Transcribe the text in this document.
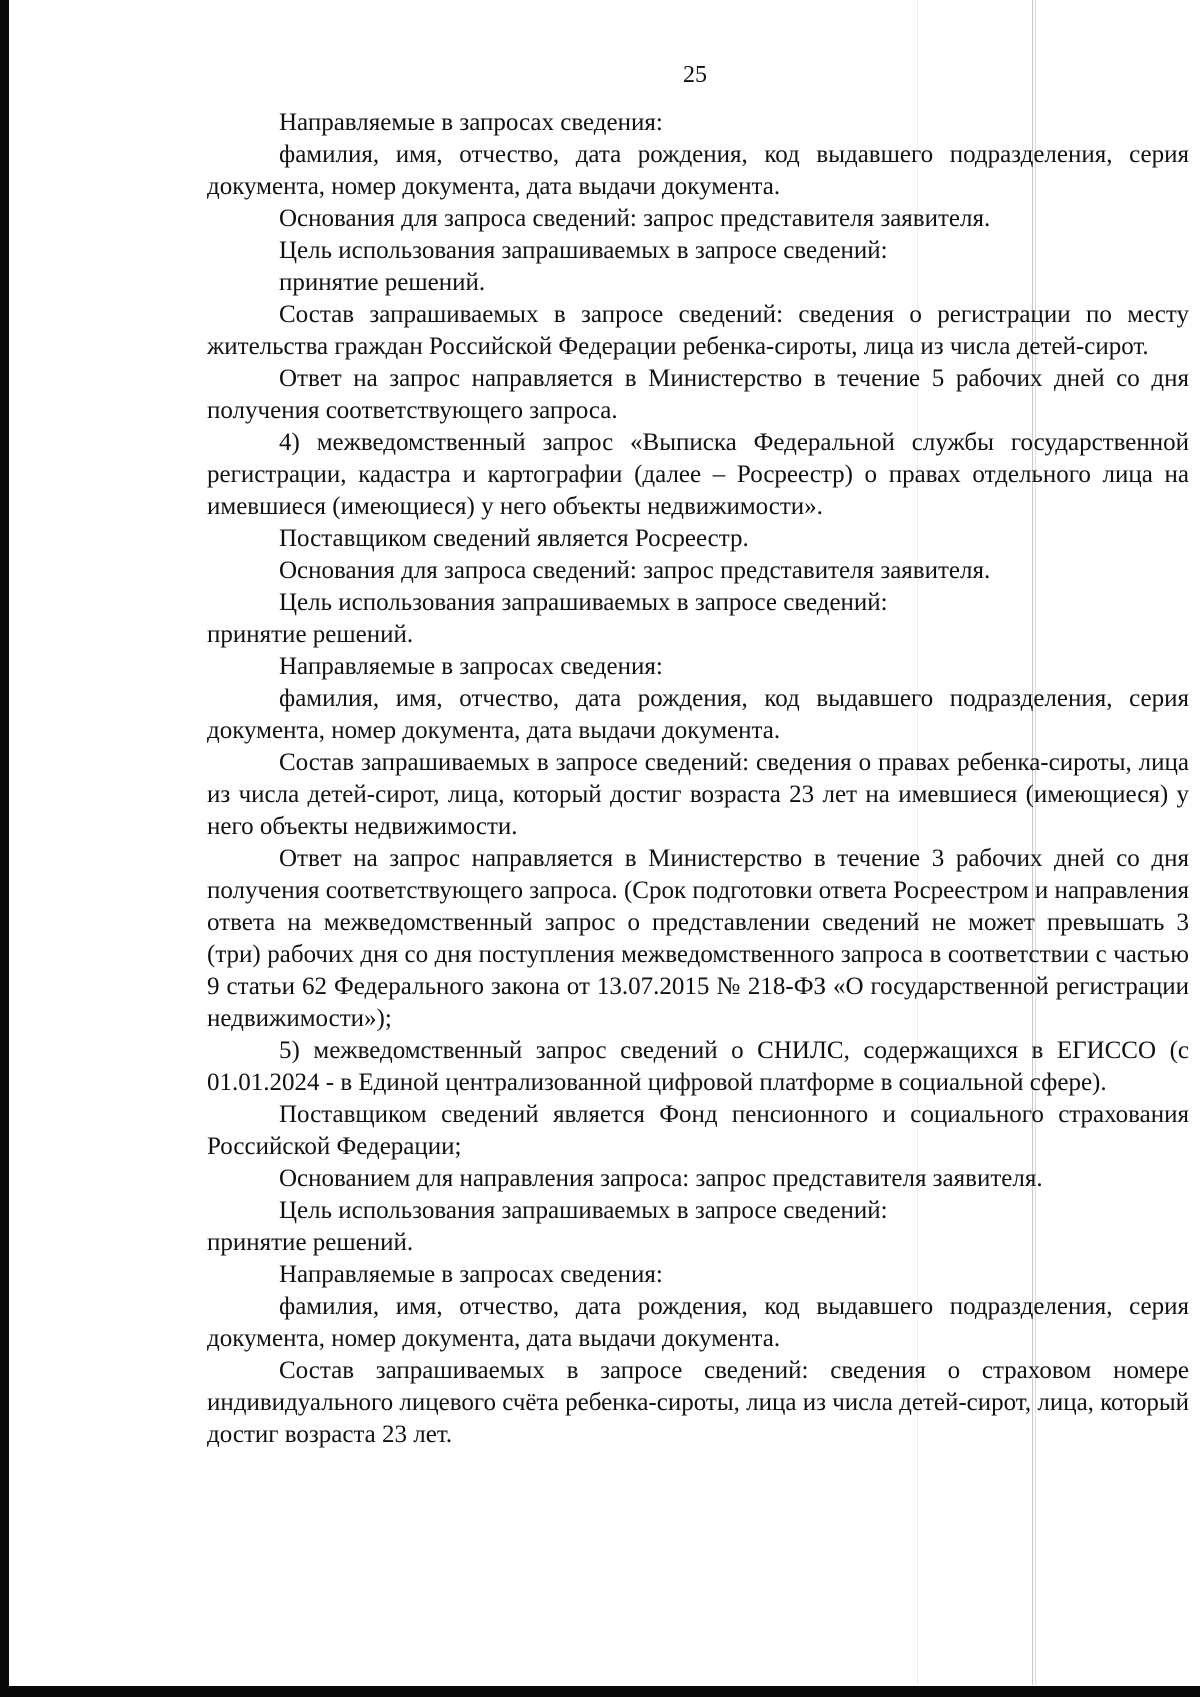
25

Направляемые в запросах сведения:

фамилия, имя, отчество, дата рождения, код выдавшего подразделения, серия документа, номер документа, дата выдачи документа.

Основания для запроса сведений: запрос представителя заявителя.

Цель использования запрашиваемых в запросе сведений:

принятие решений.

Состав запрашиваемых в запросе сведений: сведения о регистрации по месту жительства граждан Российской Федерации ребенка-сироты, лица из числа детей-сирот.

Ответ на запрос направляется в Министерство в течение 5 рабочих дней со дня получения соответствующего запроса.

4) межведомственный запрос «Выписка Федеральной службы государственной регистрации, кадастра и картографии (далее – Росреестр) о правах отдельного лица на имевшиеся (имеющиеся) у него объекты недвижимости».

Поставщиком сведений является Росреестр.

Основания для запроса сведений: запрос представителя заявителя.

Цель использования запрашиваемых в запросе сведений:

принятие решений.

Направляемые в запросах сведения:

фамилия, имя, отчество, дата рождения, код выдавшего подразделения, серия документа, номер документа, дата выдачи документа.

Состав запрашиваемых в запросе сведений: сведения о правах ребенка-сироты, лица из числа детей-сирот, лица, который достиг возраста 23 лет на имевшиеся (имеющиеся) у него объекты недвижимости.

Ответ на запрос направляется в Министерство в течение 3 рабочих дней со дня получения соответствующего запроса. (Срок подготовки ответа Росреестром и направления ответа на межведомственный запрос о представлении сведений не может превышать 3 (три) рабочих дня со дня поступления межведомственного запроса в соответствии с частью 9 статьи 62 Федерального закона от 13.07.2015 № 218-ФЗ «О государственной регистрации недвижимости»);

5) межведомственный запрос сведений о СНИЛС, содержащихся в ЕГИССО (с 01.01.2024 - в Единой централизованной цифровой платформе в социальной сфере).

Поставщиком сведений является Фонд пенсионного и социального страхования Российской Федерации;

Основанием для направления запроса: запрос представителя заявителя.

Цель использования запрашиваемых в запросе сведений:

принятие решений.

Направляемые в запросах сведения:

фамилия, имя, отчество, дата рождения, код выдавшего подразделения, серия документа, номер документа, дата выдачи документа.

Состав запрашиваемых в запросе сведений: сведения о страховом номере индивидуального лицевого счёта ребенка-сироты, лица из числа детей-сирот, лица, который достиг возраста 23 лет.
